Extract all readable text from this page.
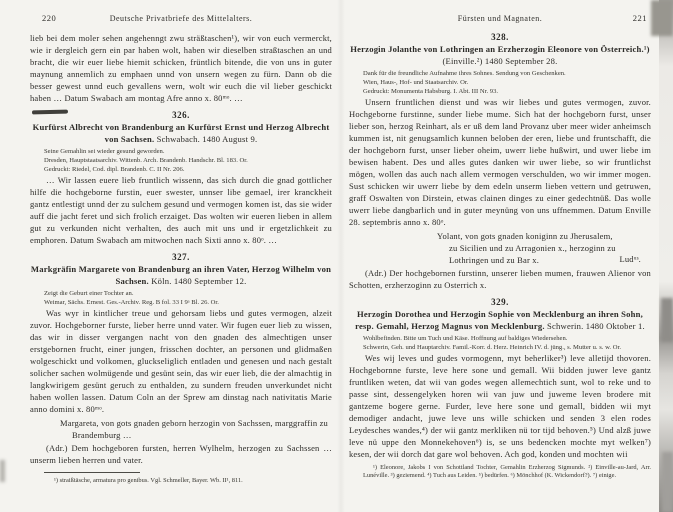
220	Deutsche Privatbriefe des Mittelalters.

lieb bei dem moler sehen angehenngt zwu sträßtaschen¹), wir von euch vermerckt, wie ir dergleich gern ein par haben wolt, haben wir dieselben straßtaschen an und bracht, die wir euer liebe hiemit schicken, früntlich bitende, die von uns in guter maynung annemlich zu emphaen unnd von unsern wegen zu fürn. Dann ob die besser gewest unnd euch gevallens wern, wolt wir euch die vil lieber geschickt haben … Datum Swabach am montag Afre anno x. 80ᵐᵒ. …

326.
Kurfürst Albrecht von Brandenburg an Kurfürst Ernst und Herzog Albrecht von Sachsen. Schwabach. 1480 August 9.
Seine Gemahlin sei wieder gesund geworden.
Dresden, Hauptstaatsarchiv. Wittenb. Arch. Brandenb. Handschr. Bl. 183. Or.
Gedruckt: Riedel, Cod. dipl. Brandenb. C. II Nr. 206.

… Wir lassen euere lieb fruntlich wissenn, das sich durch die gnad gottlicher hilfe die hochgeborne furstin, euer swester, unnser libe gemael, irer kranckheit gantz entlestigt unnd der zu sulchem gesund und vermogen komen ist, das sie wider auff die jacht feret und sich frolich erzaiget. Das wolten wir eueren lieben in allem gut zu verkunden nicht verhalten, des auch mit uns und ir ergetzlichkeit zu emphoren. Datum Swabach am mitwochen nach Sixti anno x. 80ᵒ. …

327.
Markgräfin Margarete von Brandenburg an ihren Vater, Herzog Wilhelm von Sachsen. Köln. 1480 September 12.
Zeigt die Geburt einer Tochter an.
Weimar, Sächs. Ernest. Ges.-Archiv. Reg. B fol. 33 I 9ᵃ Bl. 26. Or.

Was wyr in kintlicher treue und gehorsam liebs und gutes vermogen, alzeit zuvor. Hochgeborner furste, lieber herre unnd vater. Wir fugen euer lieb zu wissen, das wir in disser vergangen nacht von den gnaden des almechtigen unser erstgebornen frucht, einer jungen, frisschen dochter, an personen und glidmaßen wolgeschickt und volkomen, gluckseliglich entladen und genesen und nach gestalt solicher sachen wolmügende und gesünt sein, das wir euer lieb, die der almachtig in langkwirigem gesünt geruch zu enthalden, zu sundern freuden unverkundet nicht haben wollen lassen. Datum Coln an der Sprew am dinstag nach nativitatis Marie anno domini x. 80ᵐᵒ.

Margareta, von gots gnaden geborn herzogin von Sachssen, marggraffin zu Brandemburg …

(Adr.) Dem hochgeboren fursten, herren Wylhelm, herzogen zu Sachssen … unserm lieben herren und vater.

¹) straißtäsche, armatura pro genibus. Vgl. Schmeller, Bayer. Wb. II¹, 811.
Fürsten und Magnaten.	221
328.
Herzogin Jolanthe von Lothringen an Erzherzogin Eleonore von Österreich.¹) (Einville.²) 1480 September 28.
Dank für die freundliche Aufnahme ihres Sohnes. Sendung von Geschenken.
Wien, Haus-, Hof- und Staatsarchiv. Or.
Gedruckt: Monumenta Habsburg. I. Abt. III Nr. 93.

Unsern fruntlichen dienst und was wir liebes und gutes vermogen, zuvor. Hochgeborne furstinne, sunder liebe mume. Sich hat der hochgeborn furst, unser lieber son, herzog Reinhart, als er uß dem land Provanz uber meer wider anheimsch kummen ist, nit genugsamlich kunnen beloben der eren, liebe und fruntschafft, die der hochgeborn furst, unser lieber oheim, uwerr liebe hußwirt, und uwer liebe im bewisen habent. Des und alles gutes danken wir uwer liebe, so wir fruntlichst mögen, wollen das auch nach allem vermogen verschulden, wo wir immer mogen. Sust schicken wir uwerr liebe by dem edeln unserm lieben vettern und getruwen, graff Oswalten von Dirstein, etwas clainen dinges zu einer gedechtnüß. Das wolle uwerr liebe dangbarlich und in guter meynüng von uns uffnemmen. Datum Enville 28. septembris anno x. 80ᵒ.

Yolant, von gots gnaden koniginn zu Jherusalem,
zu Sicilien und zu Arragonien x., herzoginn zu
Lothringen und zu Bar x.	Ludᵘˢ.

(Adr.) Der hochgebornen furstinn, unserer lieben mumen, frauwen Alienor von Schotten, erzherzoginn zu Osterrich x.

329.
Herzogin Dorothea und Herzogin Sophie von Mecklenburg an ihren Sohn, resp. Gemahl, Herzog Magnus von Mecklenburg. Schwerin. 1480 Oktober 1.
Wohlbefinden. Bitte um Tuch und Käse. Hoffnung auf baldiges Wiedersehen.
Schwerin, Geh. und Hauptarchiv. Famil.-Korr. d. Herz. Heinrich IV. d. jüng., s. Mutter u. s. w. Or.

Wes wij leves und gudes vormogenn, myt beherliker³) leve alletijd thovoren. Hochgebornne furste, leve here sone und gemall. Wii bidden juwer leve gantz fruntliken weten, dat wii van godes wegen allemechtich sunt, wol to reke und to passe sint, dessengelyken horen wii van juw und juweme leven brodere mit gantzeme bogere gerne. Furder, leve here sone und gemall, bidden wii myt demodiger andacht, juwe leve uns wille schicken und senden 3 elen rodes Leydesches wandes,⁴) der wii gantz merkliken nü tor tijd behoven.⁵) Und alzß juwe leve nü uppe den Monnekehoven⁶) is, se uns bedencken mochte myt welken⁷) kesen, der wii dorch dat gare wol behoven. Ach god, konden und mochten wii

¹) Eleonore, Jakobs I von Schottland Tochter, Gemahlin Erzherzog Sigmunds. ²) Einville-au-Jard, Arr. Lunéville. ³) geziemend. ⁴) Tuch aus Leiden. ⁵) bedürfen. ⁶) Mönchhof (K. Wickendorf?). ⁷) einige.
